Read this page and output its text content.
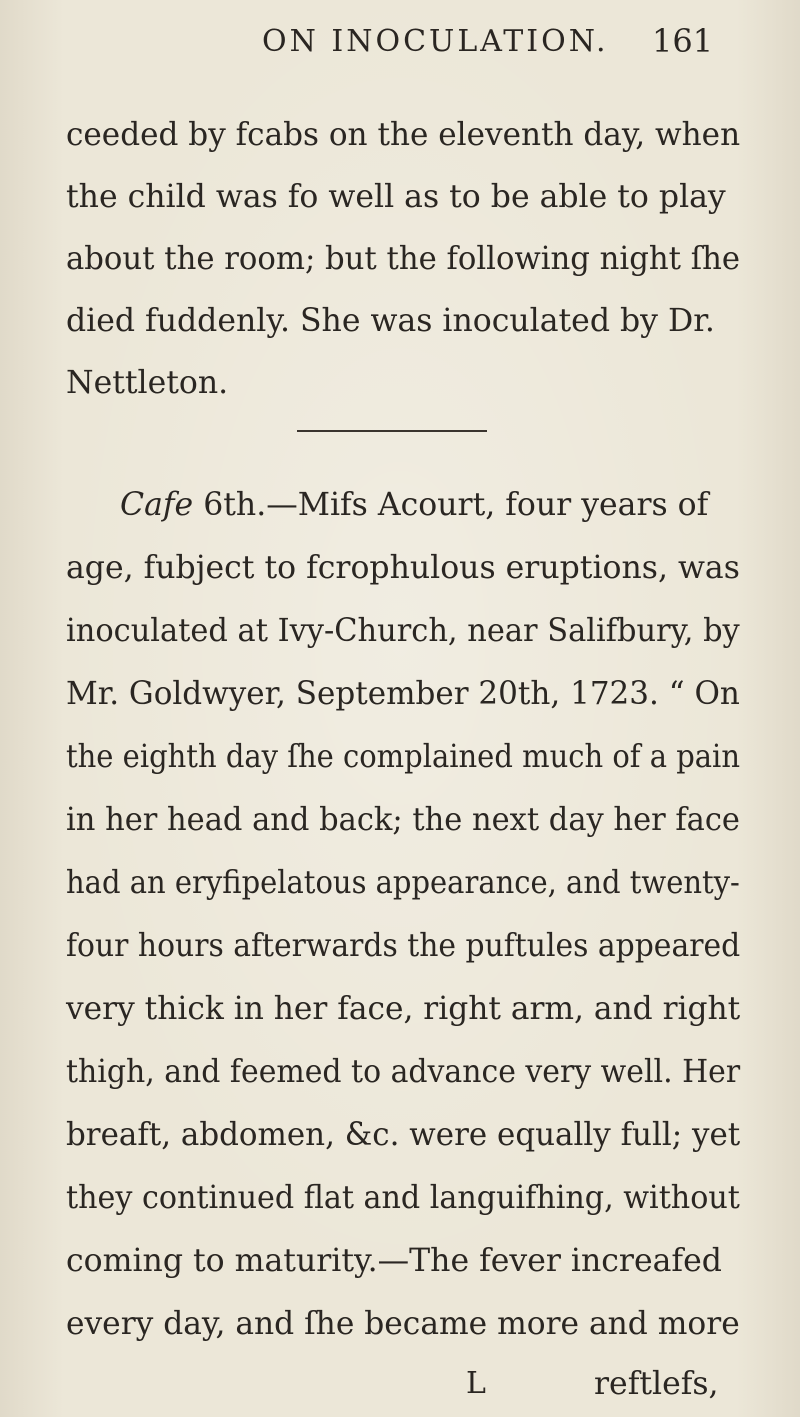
ON INOCULATION. 161
ceeded by fcabs on the eleventh day, when
the child was fo well as to be able to play
about the room; but the following night ſhe
died fuddenly. She was inoculated by Dr.
Nettleton.
Cafe 6th.—Mifs Acourt, four years of
age, fubject to fcrophulous eruptions, was
inoculated at Ivy-Church, near Salifbury, by
Mr. Goldwyer, September 20th, 1723. “ On
the eighth day ſhe complained much of a pain
in her head and back; the next day her face
had an eryfipelatous appearance, and twenty-
four hours afterwards the puftules appeared
very thick in her face, right arm, and right
thigh, and feemed to advance very well. Her
breaft, abdomen, &c. were equally full; yet
they continued flat and languifhing, without
coming to maturity.—The fever increafed
every day, and ſhe became more and more
L	reftlefs,
